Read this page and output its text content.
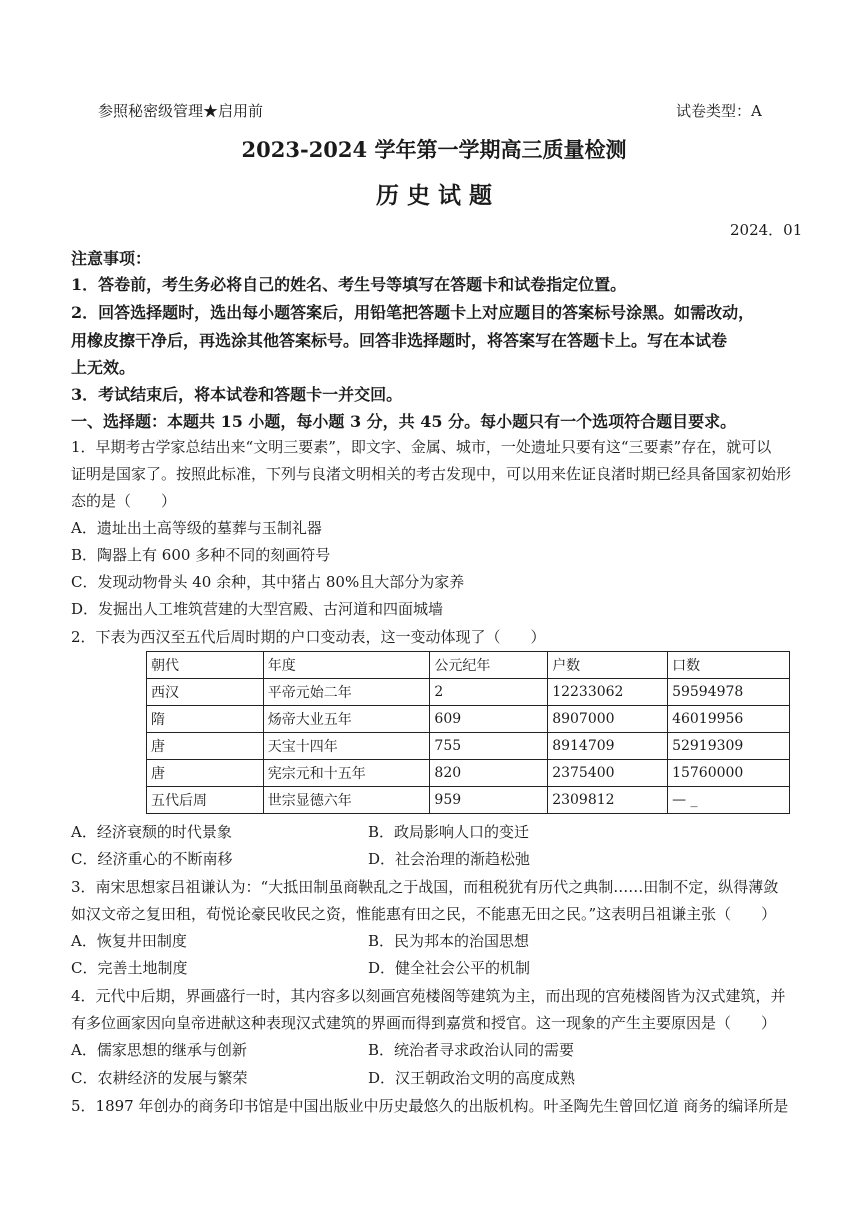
参照秘密级管理★启用前	试卷类型：A
2023-2024 学年第一学期高三质量检测
历 史 试 题
2024．01
注意事项：
1．答卷前，考生务必将自己的姓名、考生号等填写在答题卡和试卷指定位置。
2．回答选择题时，选出每小题答案后，用铅笔把答题卡上对应题目的答案标号涂黑。如需改动，
用橡皮擦干净后，再选涂其他答案标号。回答非选择题时，将答案写在答题卡上。写在本试卷
上无效。
3．考试结束后，将本试卷和答题卡一并交回。
一、选择题：本题共 15 小题，每小题 3 分，共 45 分。每小题只有一个选项符合题目要求。
1．早期考古学家总结出来“文明三要素”，即文字、金属、城市，一处遗址只要有这“三要素”存在，就可以
证明是国家了。按照此标准，下列与良渚文明相关的考古发现中，可以用来佐证良渚时期已经具备国家初始形
态的是（　　）
A．遗址出土高等级的墓葬与玉制礼器
B．陶器上有 600 多种不同的刻画符号
C．发现动物骨头 40 余种，其中猪占 80%且大部分为家养
D．发掘出人工堆筑营建的大型宫殿、古河道和四面城墙
2．下表为西汉至五代后周时期的户口变动表，这一变动体现了（　　）
朝代	年度	公元纪年	户数	口数
西汉	平帝元始二年	2	12233062	59594978
隋	炀帝大业五年	609	8907000	46019956
唐	天宝十四年	755	8914709	52919309
唐	宪宗元和十五年	820	2375400	15760000
五代后周	世宗显德六年	959	2309812	— _
A．经济衰颓的时代景象	B．政局影响人口的变迁
C．经济重心的不断南移	D．社会治理的渐趋松弛
3．南宋思想家吕祖谦认为：“大抵田制虽商鞅乱之于战国，而租税犹有历代之典制……田制不定，纵得薄敛
如汉文帝之复田租，荀悦论豪民收民之资，惟能惠有田之民，不能惠无田之民。”这表明吕祖谦主张（　　）
A．恢复井田制度	B．民为邦本的治国思想
C．完善土地制度	D．健全社会公平的机制
4．元代中后期，界画盛行一时，其内容多以刻画宫苑楼阁等建筑为主，而出现的宫苑楼阁皆为汉式建筑，并
有多位画家因向皇帝进献这种表现汉式建筑的界画而得到嘉赏和授官。这一现象的产生主要原因是（　　）
A．儒家思想的继承与创新	B．统治者寻求政治认同的需要
C．农耕经济的发展与繁荣	D．汉王朝政治文明的高度成熟
5．1897 年创办的商务印书馆是中国出版业中历史最悠久的出版机构。叶圣陶先生曾回忆道 商务的编译所是
